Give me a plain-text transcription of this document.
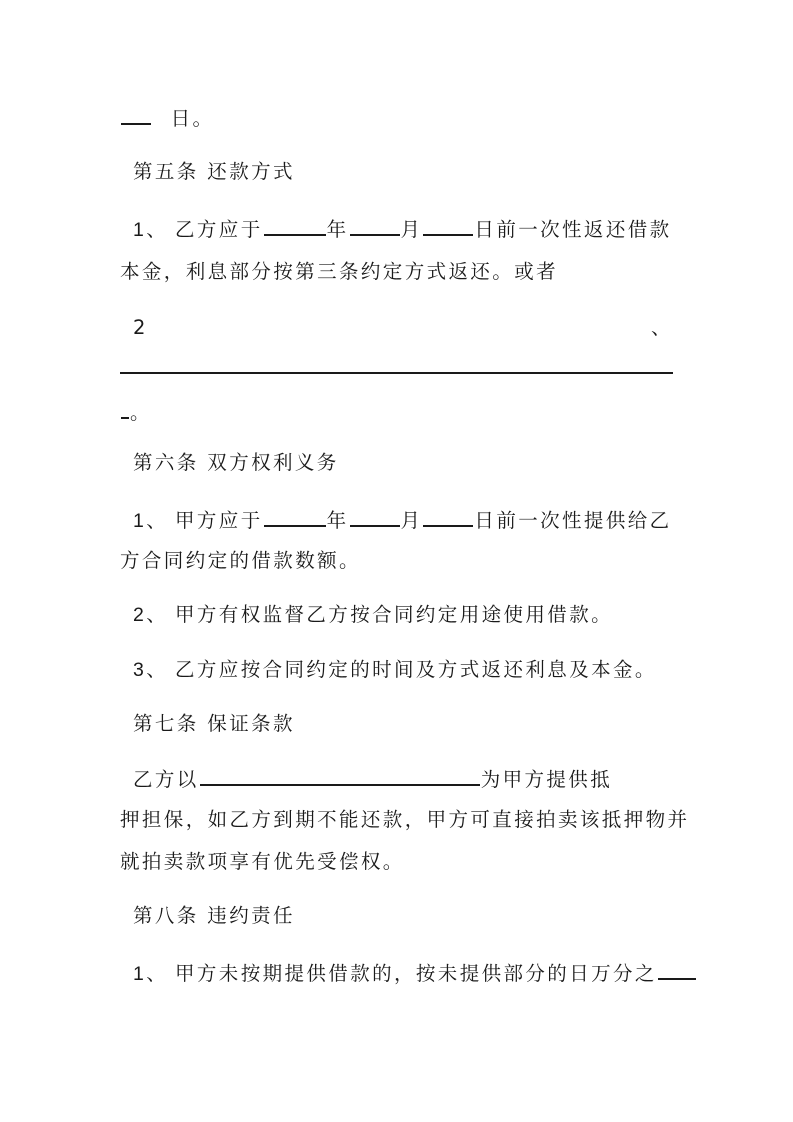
日。
第五条 还款方式
1、 乙方应于	年	月	日前一次性返还借款
本金，利息部分按第三条约定方式返还。或者
2	、
。
第六条 双方权利义务
1、 甲方应于	年	月	日前一次性提供给乙
方合同约定的借款数额。
2、 甲方有权监督乙方按合同约定用途使用借款。
3、 乙方应按合同约定的时间及方式返还利息及本金。
第七条 保证条款
乙方以	为甲方提供抵
押担保，如乙方到期不能还款，甲方可直接拍卖该抵押物并
就拍卖款项享有优先受偿权。
第八条 违约责任
1、 甲方未按期提供借款的，按未提供部分的日万分之
